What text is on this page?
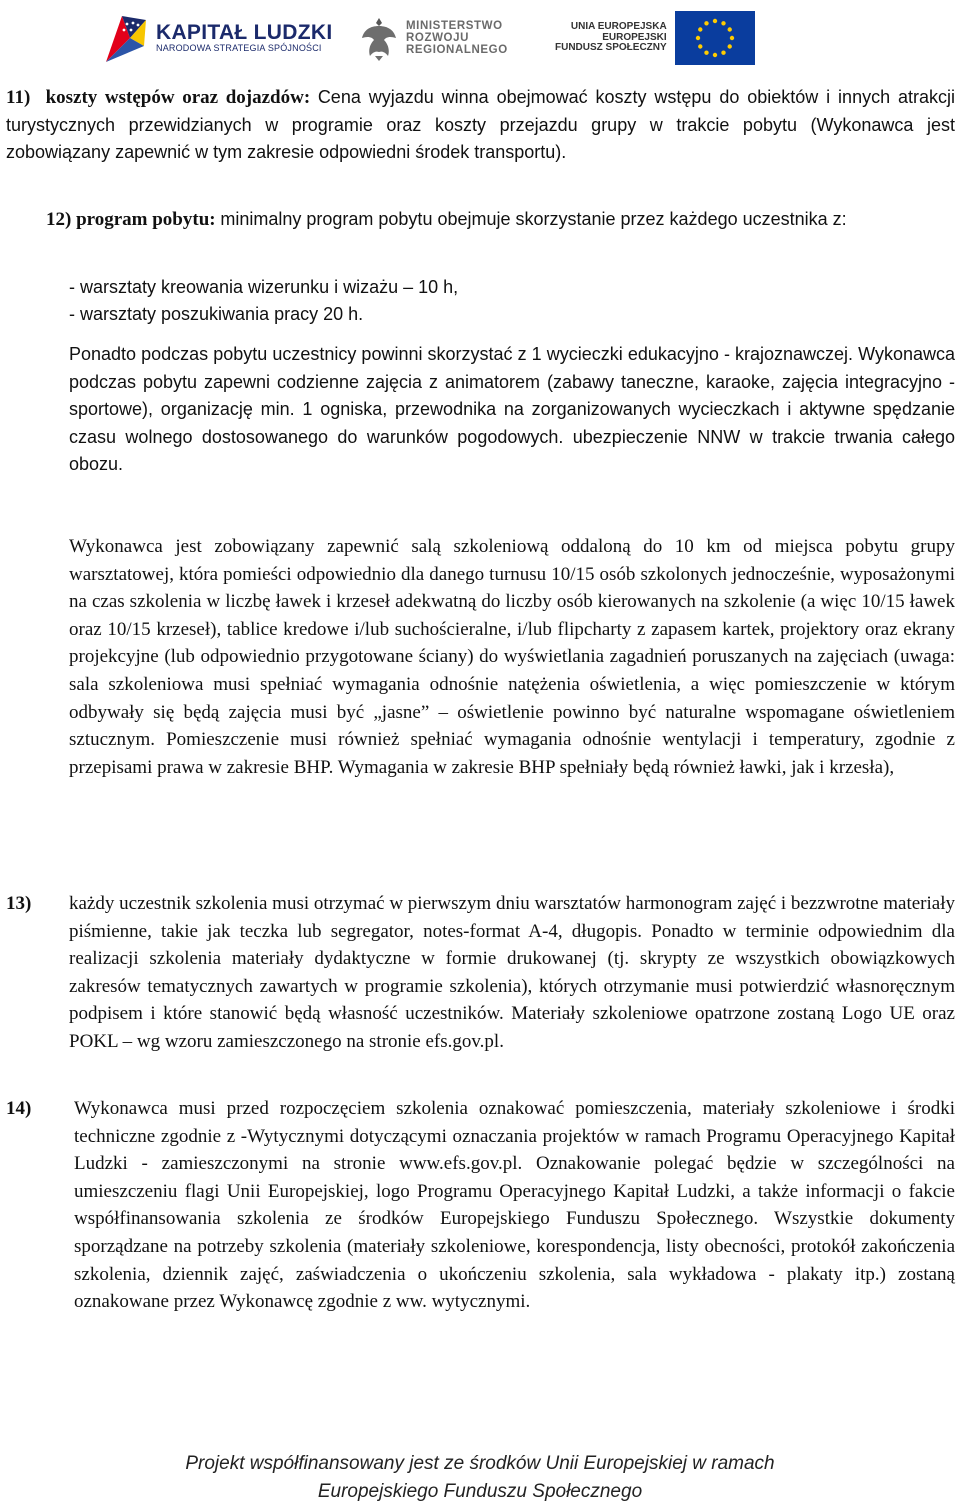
KAPITAŁ LUDZKI
NARODOWA STRATEGIA SPÓJNOŚCI
MINISTERSTWO
ROZWOJU
REGIONALNEGO
UNIA EUROPEJSKA
EUROPEJSKI
FUNDUSZ SPOŁECZNY

11) koszty wstępów oraz dojazdów: Cena wyjazdu winna obejmować koszty wstępu do obiektów i innych atrakcji turystycznych przewidzianych w programie oraz koszty przejazdu grupy w trakcie pobytu (Wykonawca jest zobowiązany zapewnić w tym zakresie odpowiedni środek transportu).

12) program pobytu: minimalny program pobytu obejmuje skorzystanie przez każdego uczestnika z:

- warsztaty kreowania wizerunku i wizażu – 10 h,

- warsztaty poszukiwania pracy 20 h.

Ponadto podczas pobytu uczestnicy powinni skorzystać z 1 wycieczki edukacyjno - krajoznawczej. Wykonawca podczas pobytu zapewni codzienne zajęcia z animatorem (zabawy taneczne, karaoke, zajęcia integracyjno - sportowe), organizację min. 1 ogniska, przewodnika na zorganizowanych wycieczkach i aktywne spędzanie czasu wolnego dostosowanego do warunków pogodowych. ubezpieczenie NNW w trakcie trwania całego obozu.

Wykonawca jest zobowiązany zapewnić salą szkoleniową oddaloną do 10 km od miejsca pobytu grupy warsztatowej, która pomieści odpowiednio dla danego turnusu 10/15 osób szkolonych jednocześnie, wyposażonymi na czas szkolenia w liczbę ławek i krzeseł adekwatną do liczby osób kierowanych na szkolenie (a więc 10/15 ławek oraz 10/15 krzeseł), tablice kredowe i/lub suchościeralne, i/lub flipcharty z zapasem kartek, projektory oraz ekrany projekcyjne (lub odpowiednio przygotowane ściany) do wyświetlania zagadnień poruszanych na zajęciach (uwaga: sala szkoleniowa musi spełniać wymagania odnośnie natężenia oświetlenia, a więc pomieszczenie w którym odbywały się będą zajęcia musi być „jasne” – oświetlenie powinno być naturalne wspomagane oświetleniem sztucznym. Pomieszczenie musi również spełniać wymagania odnośnie wentylacji i temperatury, zgodnie z przepisami prawa w zakresie BHP. Wymagania w zakresie BHP spełniały będą również ławki, jak i krzesła),

13) każdy uczestnik szkolenia musi otrzymać w pierwszym dniu warsztatów harmonogram zajęć i bezzwrotne materiały piśmienne, takie jak teczka lub segregator, notes-format A-4, długopis. Ponadto w terminie odpowiednim dla realizacji szkolenia materiały dydaktyczne w formie drukowanej (tj. skrypty ze wszystkich obowiązkowych zakresów tematycznych zawartych w programie szkolenia), których otrzymanie musi potwierdzić własnoręcznym podpisem i które stanowić będą własność uczestników. Materiały szkoleniowe opatrzone zostaną Logo UE oraz POKL – wg wzoru zamieszczonego na stronie efs.gov.pl.

14) Wykonawca musi przed rozpoczęciem szkolenia oznakować pomieszczenia, materiały szkoleniowe i środki techniczne zgodnie z -Wytycznymi dotyczącymi oznaczania projektów w ramach Programu Operacyjnego Kapitał Ludzki - zamieszczonymi na stronie www.efs.gov.pl. Oznakowanie polegać będzie w szczególności na umieszczeniu flagi Unii Europejskiej, logo Programu Operacyjnego Kapitał Ludzki, a także informacji o fakcie współfinansowania szkolenia ze środków Europejskiego Funduszu Społecznego. Wszystkie dokumenty sporządzane na potrzeby szkolenia (materiały szkoleniowe, korespondencja, listy obecności, protokół zakończenia szkolenia, dziennik zajęć, zaświadczenia o ukończeniu szkolenia, sala wykładowa - plakaty itp.) zostaną oznakowane przez Wykonawcę zgodnie z ww. wytycznymi.

Projekt współfinansowany jest ze środków Unii Europejskiej w ramach
Europejskiego Funduszu Społecznego
